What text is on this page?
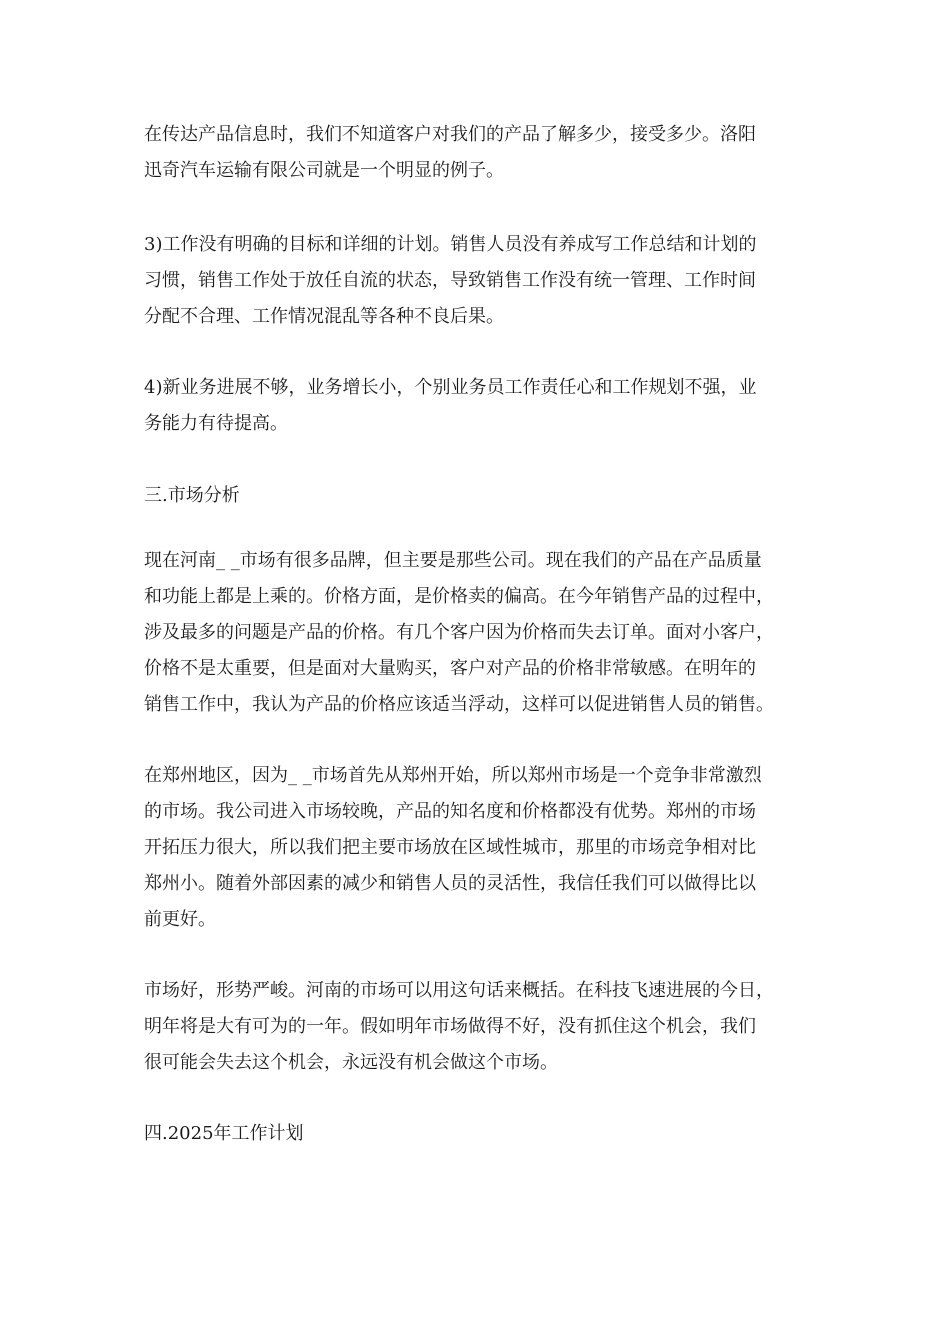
在传达产品信息时，我们不知道客户对我们的产品了解多少，接受多少。洛阳
迅奇汽车运输有限公司就是一个明显的例子。
3)工作没有明确的目标和详细的计划。销售人员没有养成写工作总结和计划的
习惯，销售工作处于放任自流的状态，导致销售工作没有统一管理、工作时间
分配不合理、工作情况混乱等各种不良后果。
4)新业务进展不够，业务增长小，个别业务员工作责任心和工作规划不强，业
务能力有待提高。
三.市场分析
现在河南_ _市场有很多品牌，但主要是那些公司。现在我们的产品在产品质量
和功能上都是上乘的。价格方面，是价格卖的偏高。在今年销售产品的过程中，
涉及最多的问题是产品的价格。有几个客户因为价格而失去订单。面对小客户，
价格不是太重要，但是面对大量购买，客户对产品的价格非常敏感。在明年的
销售工作中，我认为产品的价格应该适当浮动，这样可以促进销售人员的销售。
在郑州地区，因为_ _市场首先从郑州开始，所以郑州市场是一个竞争非常激烈
的市场。我公司进入市场较晚，产品的知名度和价格都没有优势。郑州的市场
开拓压力很大，所以我们把主要市场放在区域性城市，那里的市场竞争相对比
郑州小。随着外部因素的减少和销售人员的灵活性，我信任我们可以做得比以
前更好。
市场好，形势严峻。河南的市场可以用这句话来概括。在科技飞速进展的今日，
明年将是大有可为的一年。假如明年市场做得不好，没有抓住这个机会，我们
很可能会失去这个机会，永远没有机会做这个市场。
四.2025年工作计划
